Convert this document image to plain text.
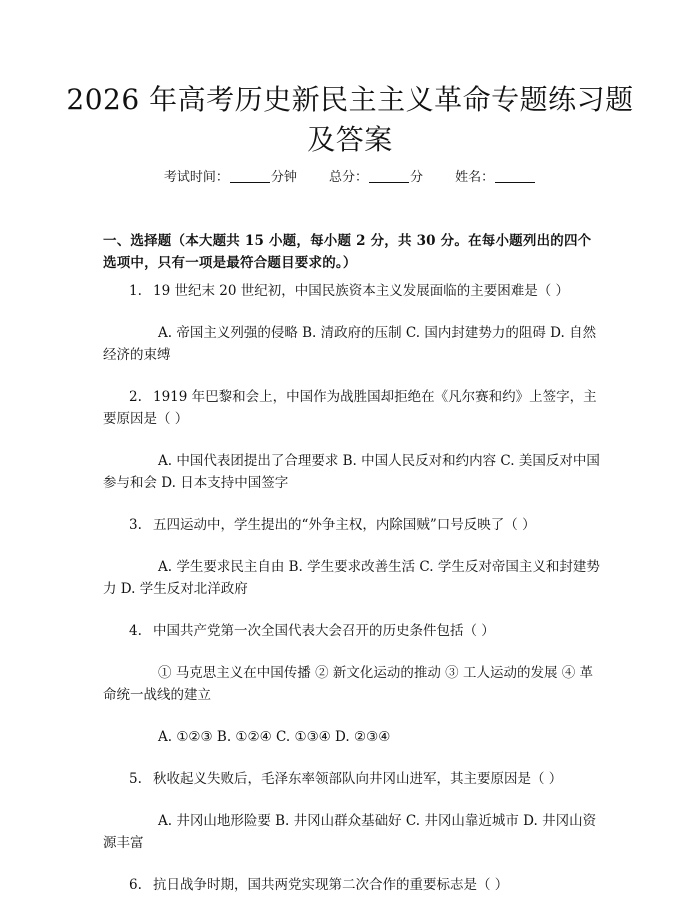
2026 年高考历史新民主主义革命专题练习题
及答案
考试时间：	分钟 总分：	分 姓名：
一、选择题（本大题共 15 小题，每小题 2 分，共 30 分。在每小题列出的四个选项中，只有一项是最符合题目要求的。）
1. 19 世纪末 20 世纪初，中国民族资本主义发展面临的主要困难是（ ）
A. 帝国主义列强的侵略 B. 清政府的压制 C. 国内封建势力的阻碍 D. 自然经济的束缚
2. 1919 年巴黎和会上，中国作为战胜国却拒绝在《凡尔赛和约》上签字，主要原因是（ ）
A. 中国代表团提出了合理要求 B. 中国人民反对和约内容 C. 美国反对中国参与和会 D. 日本支持中国签字
3. 五四运动中，学生提出的“外争主权，内除国贼”口号反映了（ ）
A. 学生要求民主自由 B. 学生要求改善生活 C. 学生反对帝国主义和封建势力 D. 学生反对北洋政府
4. 中国共产党第一次全国代表大会召开的历史条件包括（ ）
① 马克思主义在中国传播 ② 新文化运动的推动 ③ 工人运动的发展 ④ 革命统一战线的建立
A. ①②③ B. ①②④ C. ①③④ D. ②③④
5. 秋收起义失败后，毛泽东率领部队向井冈山进军，其主要原因是（ ）
A. 井冈山地形险要 B. 井冈山群众基础好 C. 井冈山靠近城市 D. 井冈山资源丰富
6. 抗日战争时期，国共两党实现第二次合作的重要标志是（ ）
